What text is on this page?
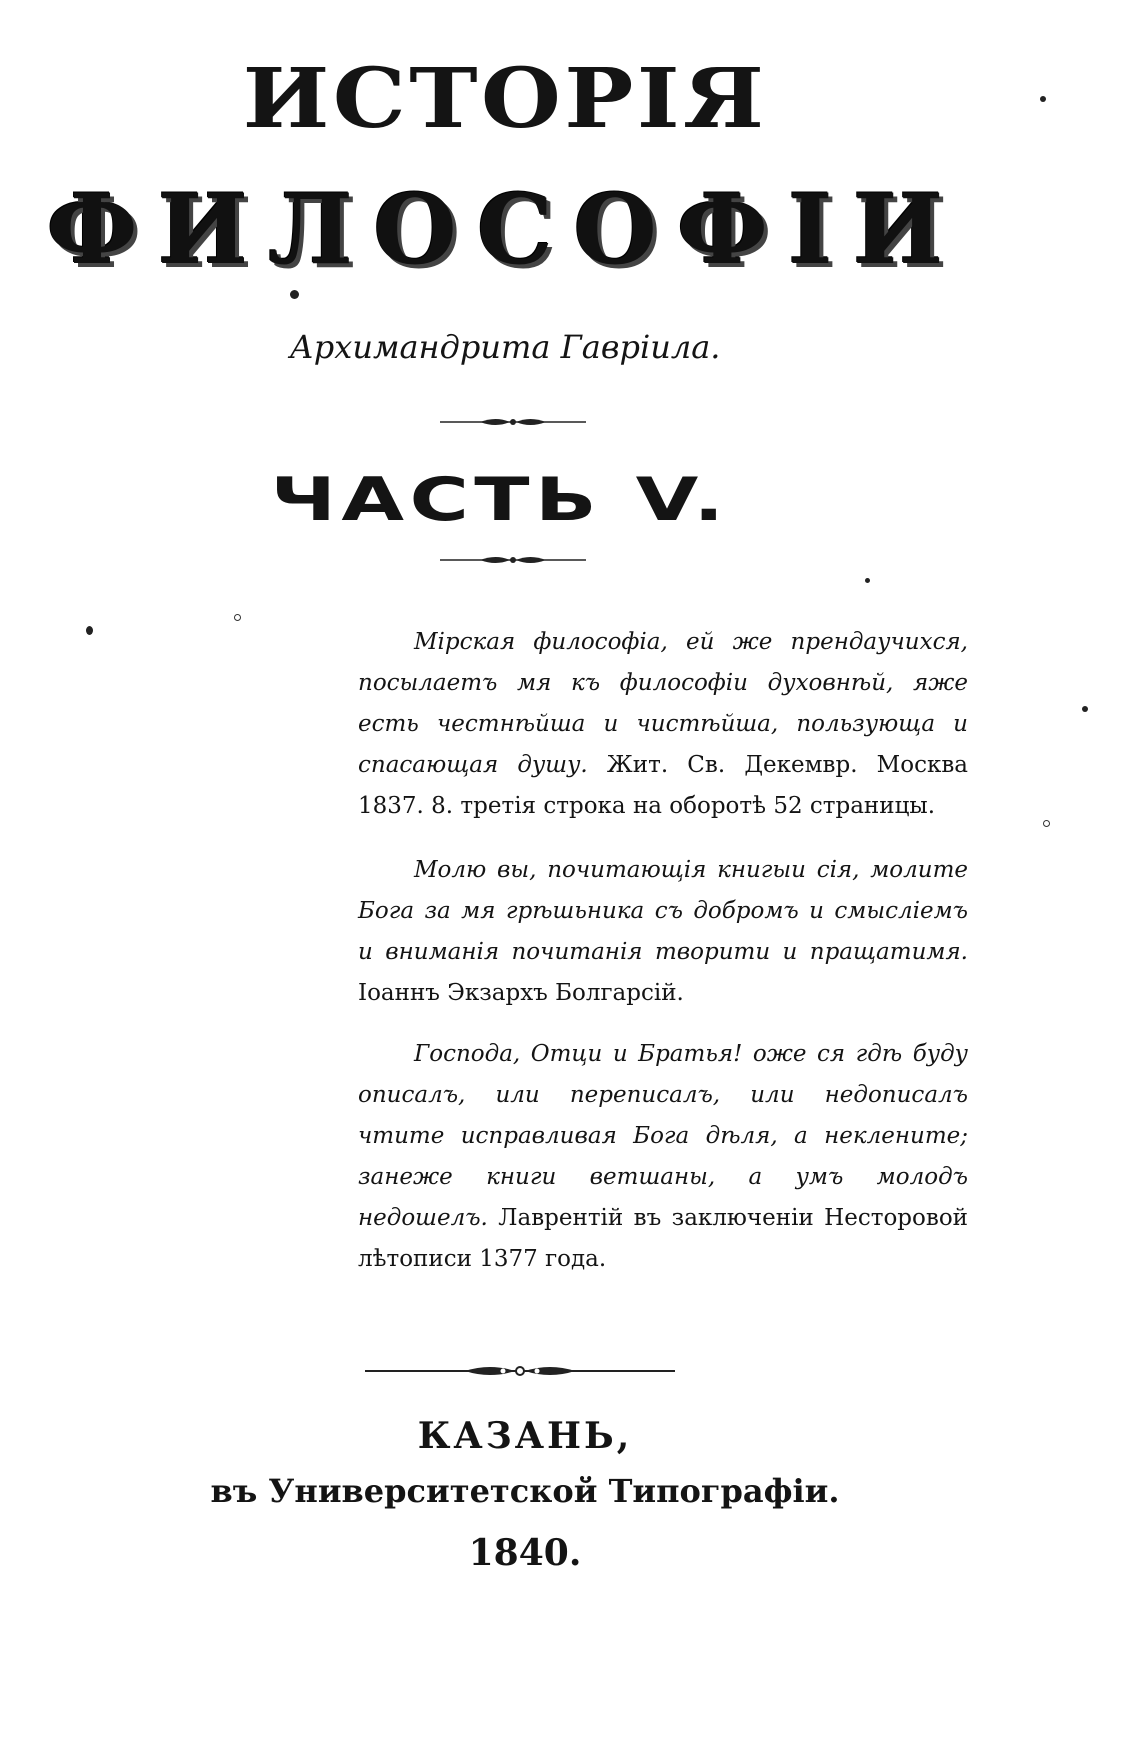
ИСТОРІЯ
ФИЛОСОФІИ
Архимандрита Гавріила.
ЧАСТЬ V.

Мірская философіа, ей же прендаучихся, посылаетъ мя къ философіи духовнѣй, яже есть честнѣйша и чистѣйша, пользующа и спасающая душу. Жит. Св. Декемвр. Москва 1837. 8. третія строка на оборотѣ 52 страницы.

Молю вы, почитающія книгыи сія, молите Бога за мя грѣшьника съ добромъ и смысліемъ и вниманія почитанія творити и пращатимя. Іоаннъ Экзархъ Болгарсій.

Господа, Отци и Братья! оже ся гдѣ буду описалъ, или переписалъ, или недописалъ чтите исправливая Бога дѣля, а неклените; занеже книги ветшаны, а умъ молодъ недошелъ. Лаврентій въ заключеніи Несторовой лѣтописи 1377 года.

КАЗАНЬ,
въ Университетской Типографіи.
1840.
